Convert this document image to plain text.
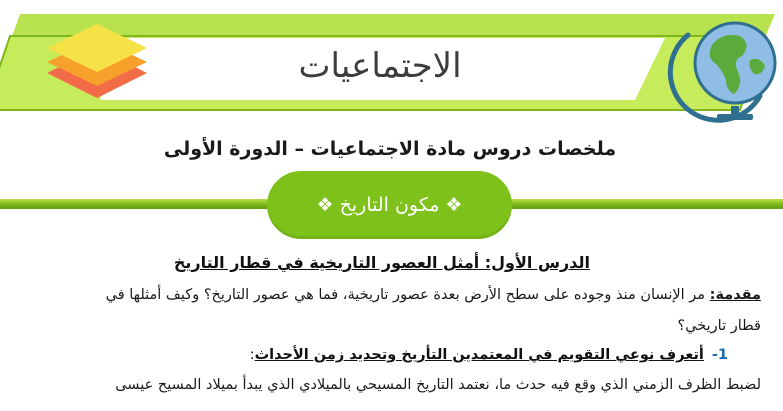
الاجتماعيات
ملخصات دروس مادة الاجتماعيات – الدورة الأولى
❖ مكون التاريخ ❖
الدرس الأول: أمثل العصور التاريخية في قطار التاريخ
مقدمة: مر الإنسان منذ وجوده على سطح الأرض بعدة عصور تاريخية، فما هي عصور التاريخ؟ وكيف أمثلها في
قطار تاريخي؟
1-أتعرف نوعي التقويم في المعتمدين التأريخ وتحديد زمن الأحداث:
لضبط الظرف الزمني الذي وقع فيه حدث ما، نعتمد التاريخ المسيحي بالميلادي الذي يبدأ بميلاد المسيح عيسى
